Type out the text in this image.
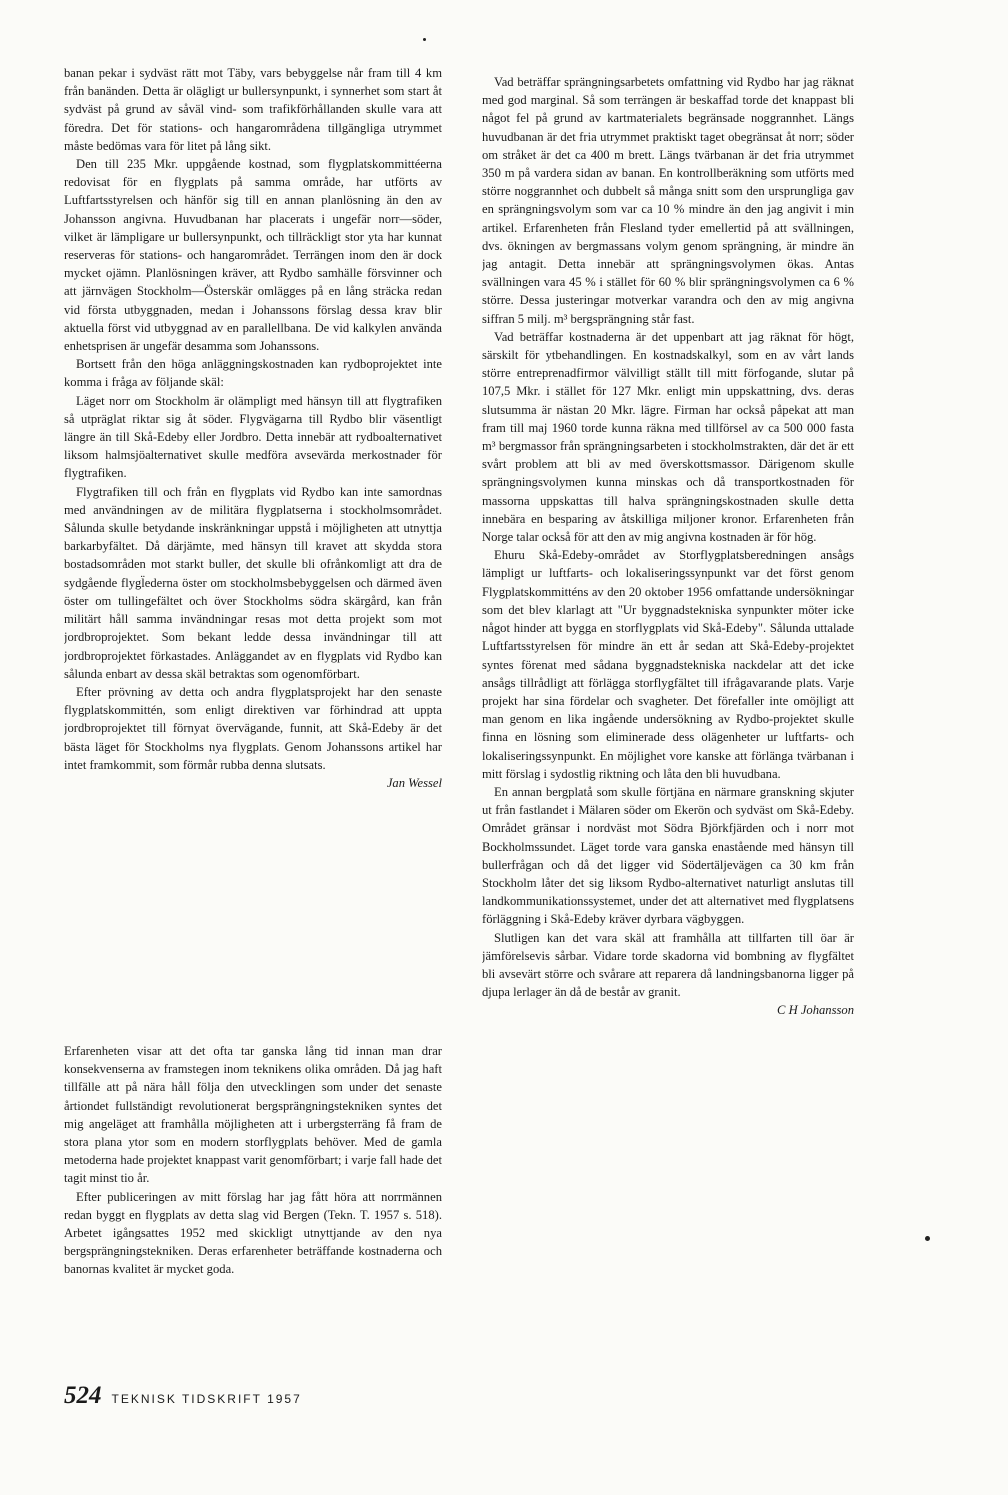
banan pekar i sydväst rätt mot Täby, vars bebyggelse når fram till 4 km från banänden. Detta är olägligt ur bullersynpunkt, i synnerhet som start åt sydväst på grund av såväl vind- som trafikförhållanden skulle vara att föredra. Det för stations- och hangarområdena tillgängliga utrymmet måste bedömas vara för litet på lång sikt.

Den till 235 Mkr. uppgående kostnad, som flygplatskommittéerna redovisat för en flygplats på samma område, har utförts av Luftfartsstyrelsen och hänför sig till en annan planlösning än den av Johansson angivna. Huvudbanan har placerats i ungefär norr—söder, vilket är lämpligare ur bullersynpunkt, och tillräckligt stor yta har kunnat reserveras för stations- och hangarområdet. Terrängen inom den är dock mycket ojämn. Planlösningen kräver, att Rydbo samhälle försvinner och att järnvägen Stockholm—Österskär omlägges på en lång sträcka redan vid första utbyggnaden, medan i Johanssons förslag dessa krav blir aktuella först vid utbyggnad av en parallellbana. De vid kalkylen använda enhetsprisen är ungefär desamma som Johanssons.

Bortsett från den höga anläggningskostnaden kan rydboprojektet inte komma i fråga av följande skäl:

Läget norr om Stockholm är olämpligt med hänsyn till att flygtrafiken så utpräglat riktar sig åt söder. Flygvägarna till Rydbo blir väsentligt längre än till Skå-Edeby eller Jordbro. Detta innebär att rydboalternativet liksom halmsjöalternativet skulle medföra avsevärda merkostnader för flygtrafiken.

Flygtrafiken till och från en flygplats vid Rydbo kan inte samordnas med användningen av de militära flygplatserna i stockholmsområdet. Sålunda skulle betydande inskränkningar uppstå i möjligheten att utnyttja barkarbyfältet. Då därjämte, med hänsyn till kravet att skydda stora bostadsområden mot starkt buller, det skulle bli ofrånkomligt att dra de sydgående flygl̈ederna öster om stockholmsbebyggelsen och därmed även öster om tullingefältet och över Stockholms södra skärgård, kan från militärt håll samma invändningar resas mot detta projekt som mot jordbroprojektet. Som bekant ledde dessa invändningar till att jordbroprojektet förkastades. Anläggandet av en flygplats vid Rydbo kan sålunda enbart av dessa skäl betraktas som ogenomförbart.

Efter prövning av detta och andra flygplatsprojekt har den senaste flygplatskommittén, som enligt direktiven var förhindrad att uppta jordbroprojektet till förnyat övervägande, funnit, att Skå-Edeby är det bästa läget för Stockholms nya flygplats. Genom Johanssons artikel har intet framkommit, som förmår rubba denna slutsats.

Jan Wessel

Erfarenheten visar att det ofta tar ganska lång tid innan man drar konsekvenserna av framstegen inom teknikens olika områden. Då jag haft tillfälle att på nära håll följa den utvecklingen som under det senaste årtiondet fullständigt revolutionerat bergsprängningstekniken syntes det mig angeläget att framhålla möjligheten att i urbergsterräng få fram de stora plana ytor som en modern storflygplats behöver. Med de gamla metoderna hade projektet knappast varit genomförbart; i varje fall hade det tagit minst tio år.

Efter publiceringen av mitt förslag har jag fått höra att norrmännen redan byggt en flygplats av detta slag vid Bergen (Tekn. T. 1957 s. 518). Arbetet igångsattes 1952 med skickligt utnyttjande av den nya bergsprängningstekniken. Deras erfarenheter beträffande kostnaderna och banornas kvalitet är mycket goda.

Vad beträffar sprängningsarbetets omfattning vid Rydbo har jag räknat med god marginal. Så som terrängen är beskaffad torde det knappast bli något fel på grund av kartmaterialets begränsade noggrannhet. Längs huvudbanan är det fria utrymmet praktiskt taget obegränsat åt norr; söder om stråket är det ca 400 m brett. Längs tvärbanan är det fria utrymmet 350 m på vardera sidan av banan. En kontrollberäkning som utförts med större noggrannhet och dubbelt så många snitt som den ursprungliga gav en sprängningsvolym som var ca 10 % mindre än den jag angivit i min artikel. Erfarenheten från Flesland tyder emellertid på att svällningen, dvs. ökningen av bergmassans volym genom sprängning, är mindre än jag antagit. Detta innebär att sprängningsvolymen ökas. Antas svällningen vara 45 % i stället för 60 % blir sprängningsvolymen ca 6 % större. Dessa justeringar motverkar varandra och den av mig angivna siffran 5 milj. m³ bergsprängning står fast.

Vad beträffar kostnaderna är det uppenbart att jag räknat för högt, särskilt för ytbehandlingen. En kostnadskalkyl, som en av vårt lands större entreprenadfirmor välvilligt ställt till mitt förfogande, slutar på 107,5 Mkr. i stället för 127 Mkr. enligt min uppskattning, dvs. deras slutsumma är nästan 20 Mkr. lägre. Firman har också påpekat att man fram till maj 1960 torde kunna räkna med tillförsel av ca 500 000 fasta m³ bergmassor från sprängningsarbeten i stockholmstrakten, där det är ett svårt problem att bli av med överskottsmassor. Därigenom skulle sprängningsvolymen kunna minskas och då transportkostnaden för massorna uppskattas till halva sprängningskostnaden skulle detta innebära en besparing av åtskilliga miljoner kronor. Erfarenheten från Norge talar också för att den av mig angivna kostnaden är för hög.

Ehuru Skå-Edeby-området av Storflygplatsberedningen ansågs lämpligt ur luftfarts- och lokaliseringssynpunkt var det först genom Flygplatskommitténs av den 20 oktober 1956 omfattande undersökningar som det blev klarlagt att "Ur byggnadstekniska synpunkter möter icke något hinder att bygga en storflygplats vid Skå-Edeby". Sålunda uttalade Luftfartsstyrelsen för mindre än ett år sedan att Skå-Edeby-projektet syntes förenat med sådana byggnadstekniska nackdelar att det icke ansågs tillrådligt att förlägga storflygfältet till ifrågavarande plats. Varje projekt har sina fördelar och svagheter. Det förefaller inte omöjligt att man genom en lika ingående undersökning av Rydbo-projektet skulle finna en lösning som eliminerade dess olägenheter ur luftfarts- och lokaliseringssynpunkt. En möjlighet vore kanske att förlänga tvärbanan i mitt förslag i sydostlig riktning och låta den bli huvudbana.

En annan bergplatå som skulle förtjäna en närmare granskning skjuter ut från fastlandet i Mälaren söder om Ekerön och sydväst om Skå-Edeby. Området gränsar i nordväst mot Södra Björkfjärden och i norr mot Bockholmssundet. Läget torde vara ganska enastående med hänsyn till bullerfrågan och då det ligger vid Södertäljevägen ca 30 km från Stockholm låter det sig liksom Rydbo-alternativet naturligt anslutas till landkommunikationssystemet, under det att alternativet med flygplatsens förläggning i Skå-Edeby kräver dyrbara vägbyggen.

Slutligen kan det vara skäl att framhålla att tillfarten till öar är jämförelsevis sårbar. Vidare torde skadorna vid bombning av flygfältet bli avsevärt större och svårare att reparera då landningsbanorna ligger på djupa lerlager än då de består av granit.

C H Johansson
524 TEKNISK TIDSKRIFT 1957
